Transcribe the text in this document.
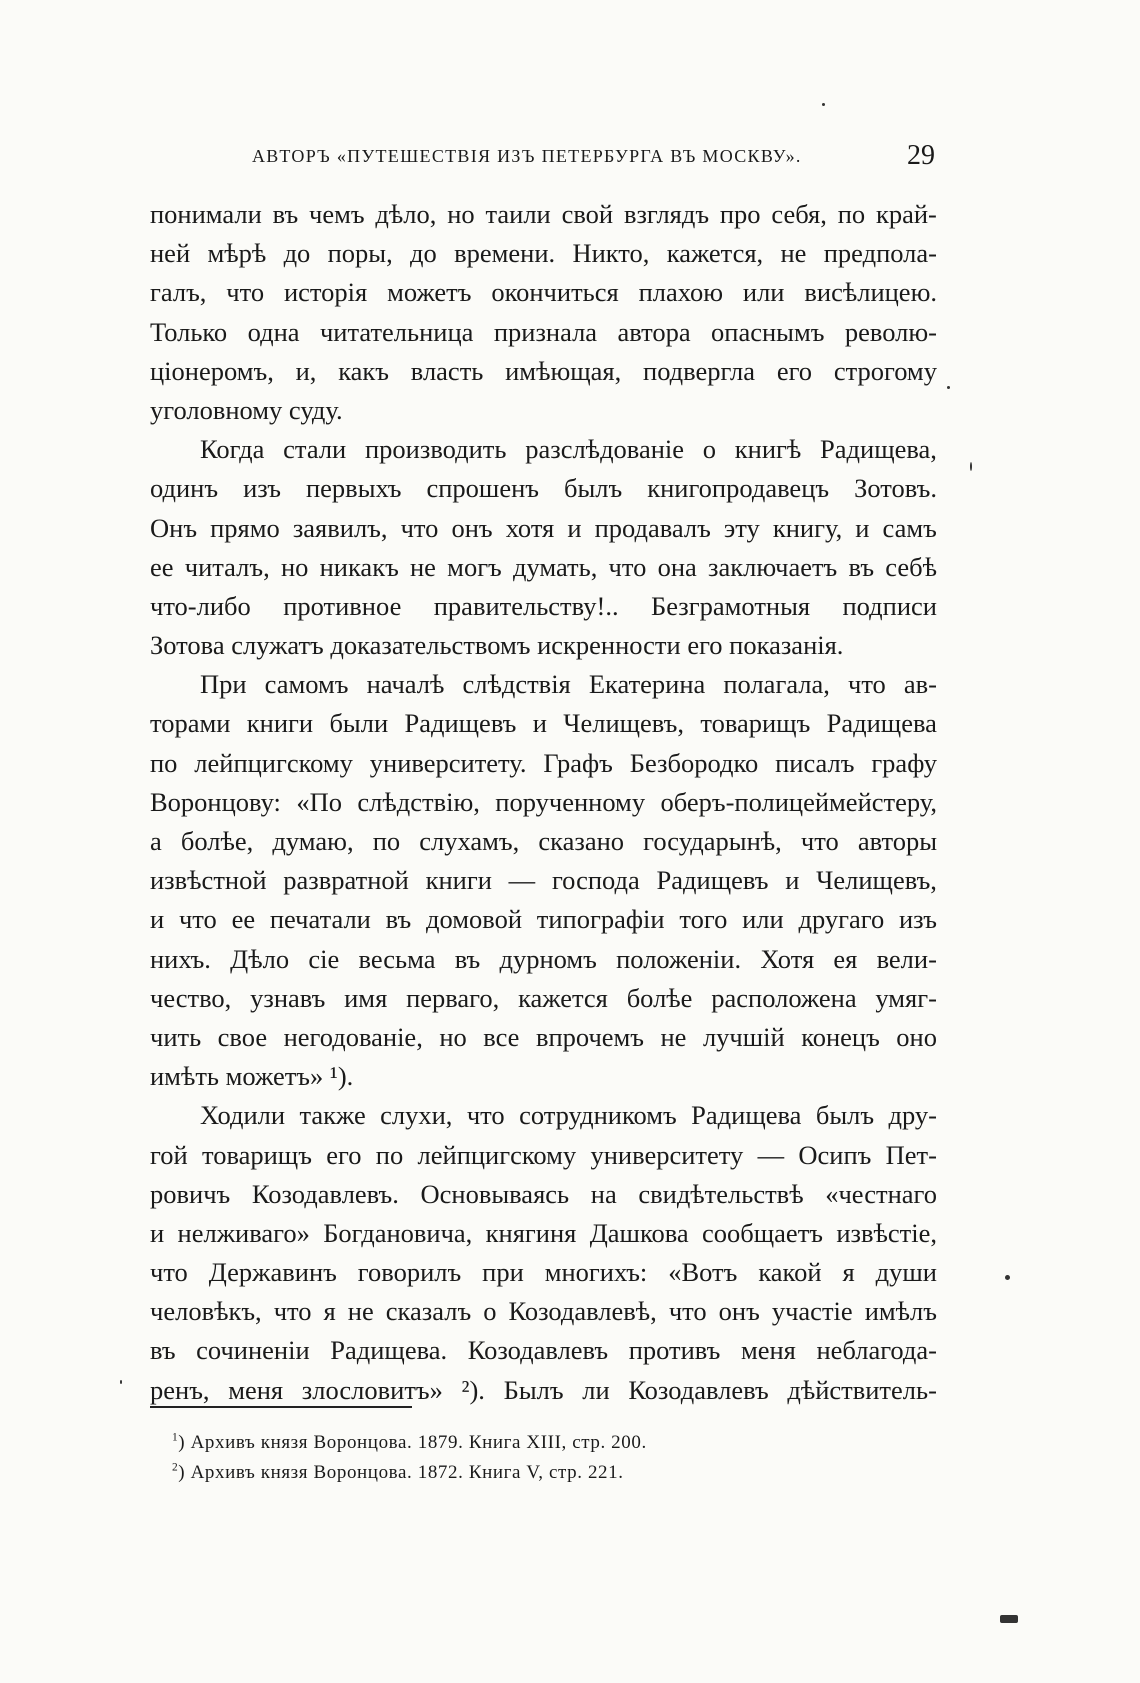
АВТОРЪ «ПУТЕШЕСТВІЯ ИЗЪ ПЕТЕРБУРГА ВЪ МОСКВУ».	29
понимали въ чемъ дѣло, но таили свой взглядъ про себя, по край-
ней мѣрѣ до поры, до времени. Никто, кажется, не предпола-
галъ, что исторія можетъ окончиться плахою или висѣлицею.
Только одна читательница признала автора опаснымъ револю-
ціонеромъ, и, какъ власть имѣющая, подвергла его строгому
уголовному суду.
Когда стали производить разслѣдованіе о книгѣ Радищева,
одинъ изъ первыхъ спрошенъ былъ книгопродавецъ Зотовъ.
Онъ прямо заявилъ, что онъ хотя и продавалъ эту книгу, и самъ
ее читалъ, но никакъ не могъ думать, что она заключаетъ въ себѣ
что-либо противное правительству!.. Безграмотныя подписи
Зотова служатъ доказательствомъ искренности его показанія.
При самомъ началѣ слѣдствія Екатерина полагала, что ав-
торами книги были Радищевъ и Челищевъ, товарищъ Радищева
по лейпцигскому университету. Графъ Безбородко писалъ графу
Воронцову: «По слѣдствію, порученному оберъ-полицеймейстеру,
а болѣе, думаю, по слухамъ, сказано государынѣ, что авторы
извѣстной развратной книги — господа Радищевъ и Челищевъ,
и что ее печатали въ домовой типографіи того или другаго изъ
нихъ. Дѣло сіе весьма въ дурномъ положеніи. Хотя ея вели-
чество, узнавъ имя перваго, кажется болѣе расположена умяг-
чить свое негодованіе, но все впрочемъ не лучшій конецъ оно
имѣть можетъ» ¹).
Ходили также слухи, что сотрудникомъ Радищева былъ дру-
гой товарищъ его по лейпцигскому университету — Осипъ Пет-
ровичъ Козодавлевъ. Основываясь на свидѣтельствѣ «честнаго
и нелживаго» Богдановича, княгиня Дашкова сообщаетъ извѣстіе,
что Державинъ говорилъ при многихъ: «Вотъ какой я души
человѣкъ, что я не сказалъ о Козодавлевѣ, что онъ участіе имѣлъ
въ сочиненіи Радищева. Козодавлевъ противъ меня неблагода-
ренъ, меня злословитъ» ²). Былъ ли Козодавлевъ дѣйствитель-
$^1$) Архивъ князя Воронцова. 1879. Книга XIII, стр. 200.
$^2$) Архивъ князя Воронцова. 1872. Книга V, стр. 221.
